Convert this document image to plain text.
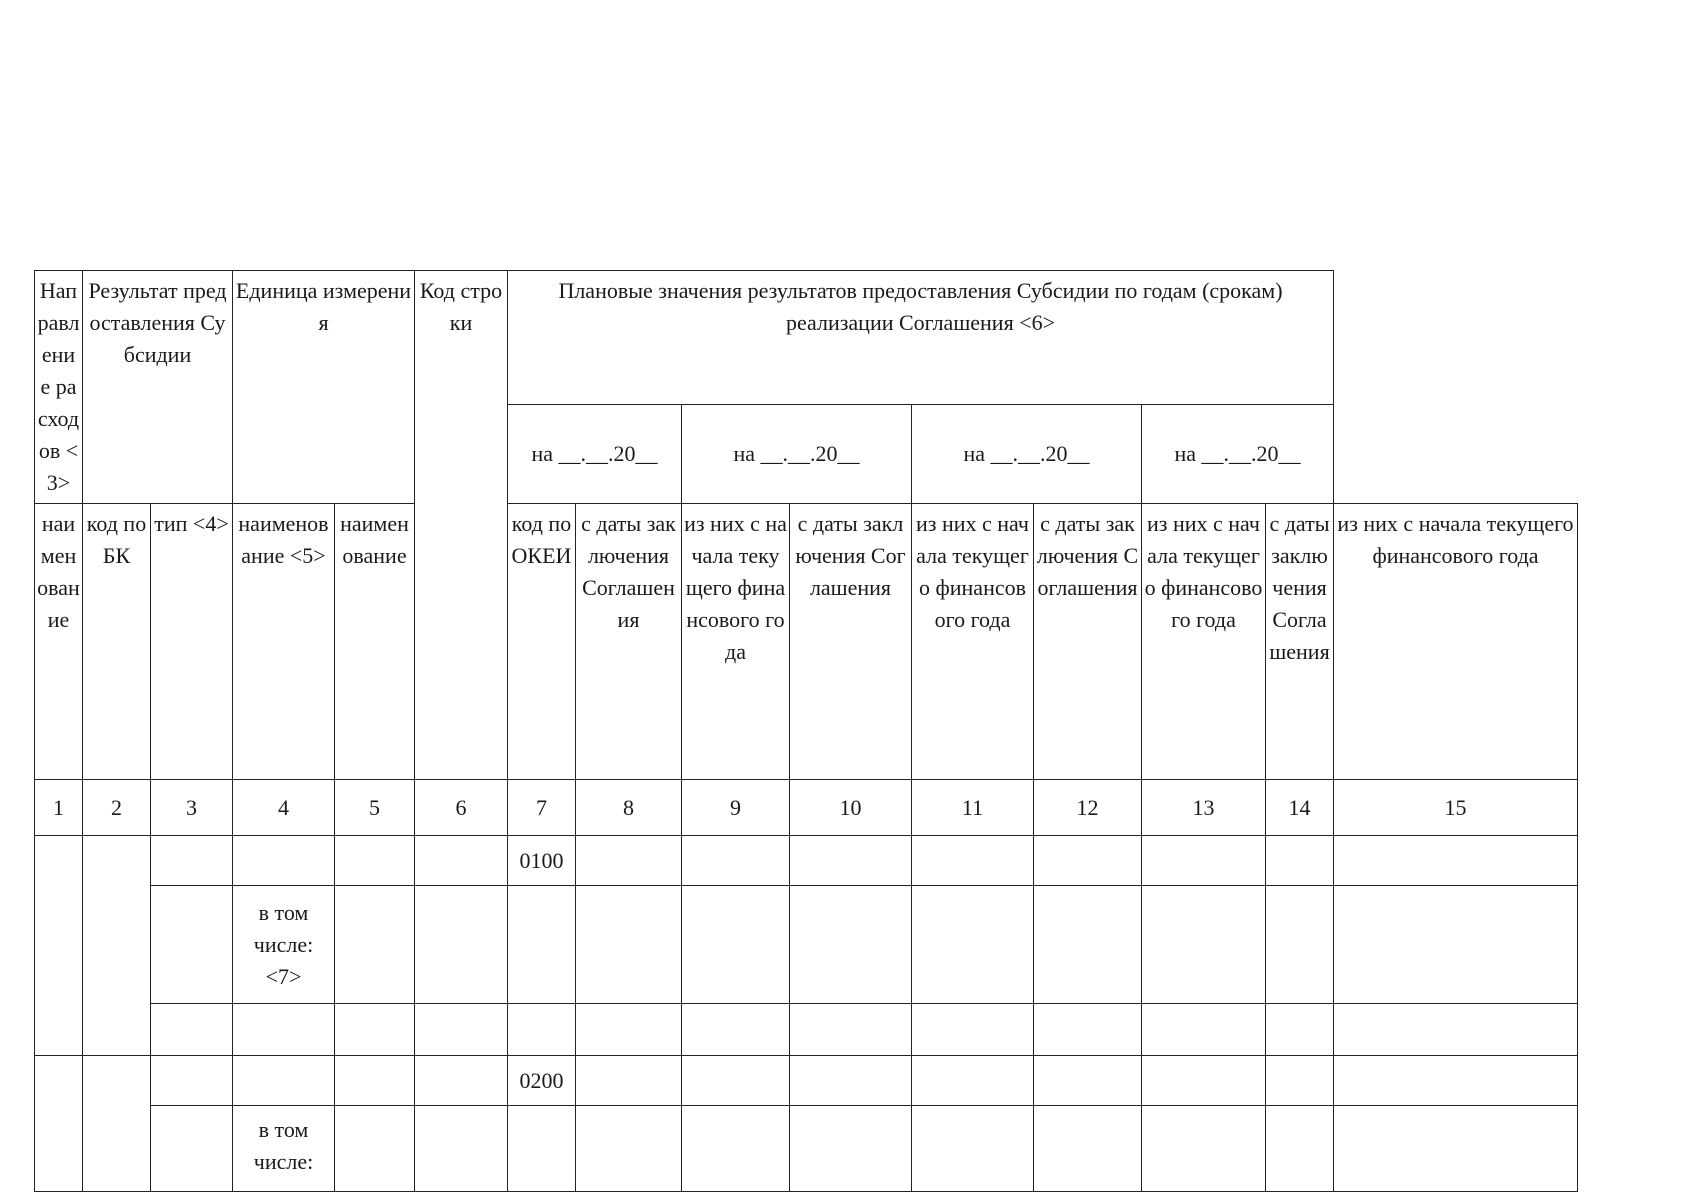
Направление расходов <3>	Результат предоставления Субсидии		Единица измерения		Код строки	Плановые значения результатов предоставления Субсидии по годам (срокам) реализации Соглашения <6>								
						на __.__.20__		на __.__.20__		на __.__.20__		на __.__.20__		
наименование	код по БК	тип <4>	наименование <5>	наименование		код по ОКЕИ	с даты заключения Соглашения	из них с начала текущего финансового года	с даты заключения Соглашения	из них с начала текущего финансового года	с даты заключения Соглашения	из них с начала текущего финансового года	с даты заключения Соглашения	из них с начала текущего финансового года
1	2	3	4	5	6	7	8	9	10	11	12	13	14	15
						0100								
			в том числе: <7>											

						0200								
			в том числе:											
